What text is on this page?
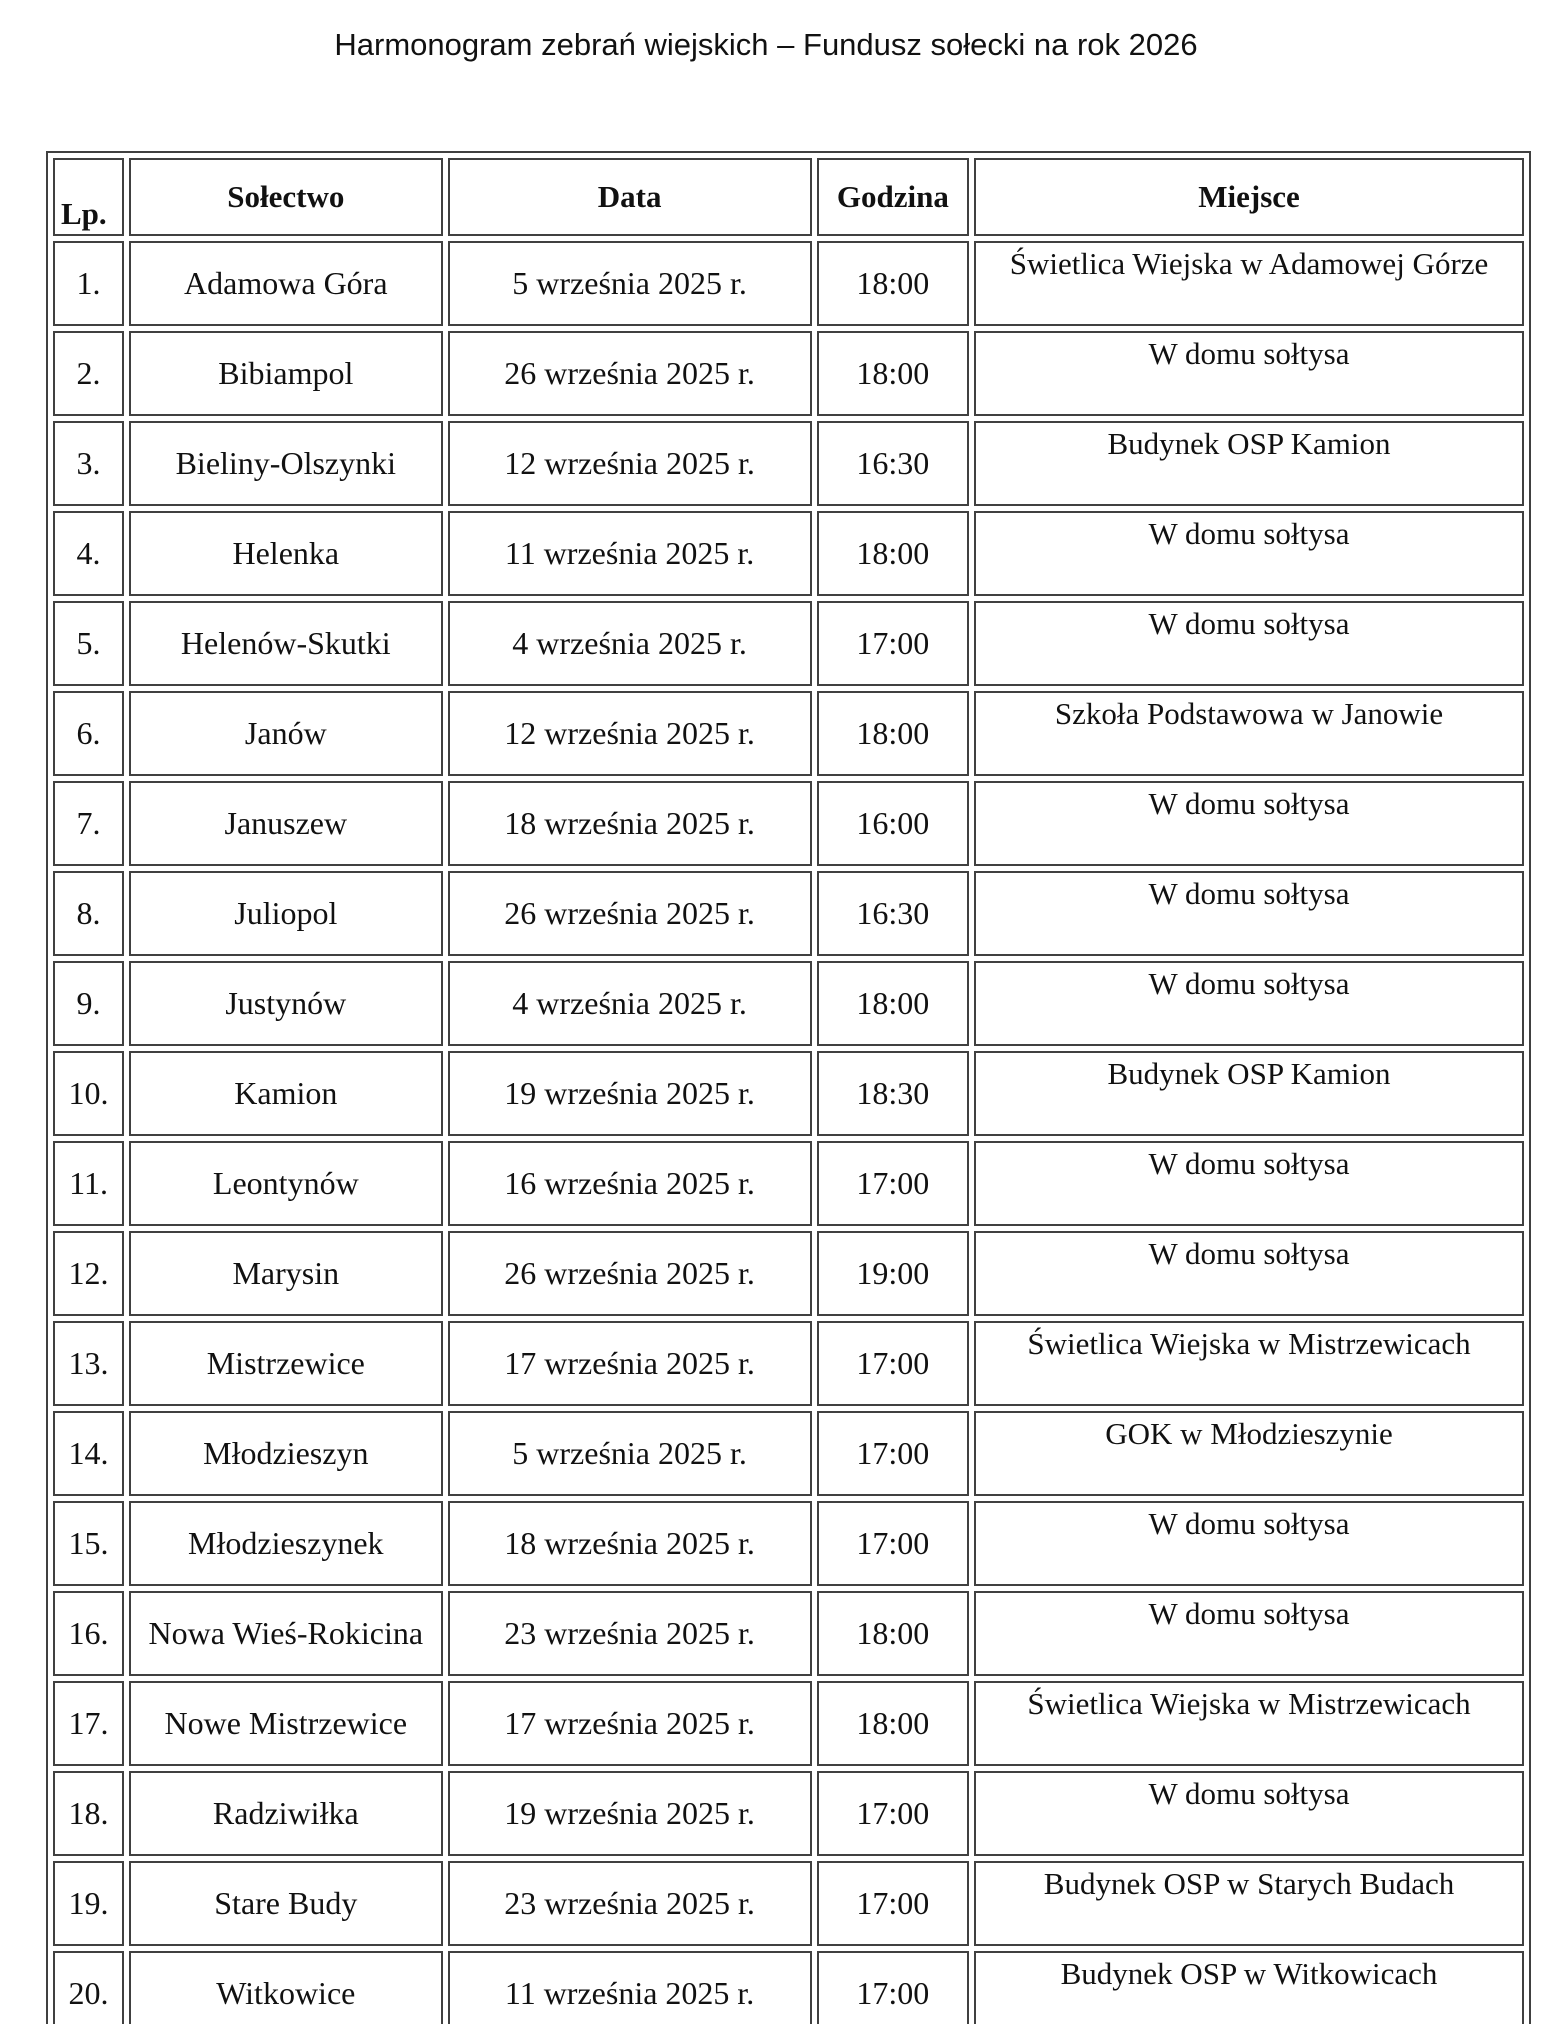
Harmonogram zebrań wiejskich – Fundusz sołecki na rok 2026
Lp.	Sołectwo	Data	Godzina	Miejsce
1.	Adamowa Góra	5 września 2025 r.	18:00	Świetlica Wiejska w Adamowej Górze
2.	Bibiampol	26 września 2025 r.	18:00	W domu sołtysa
3.	Bieliny-Olszynki	12 września 2025 r.	16:30	Budynek OSP Kamion
4.	Helenka	11 września 2025 r.	18:00	W domu sołtysa
5.	Helenów-Skutki	4 września 2025 r.	17:00	W domu sołtysa
6.	Janów	12 września 2025 r.	18:00	Szkoła Podstawowa w Janowie
7.	Januszew	18 września 2025 r.	16:00	W domu sołtysa
8.	Juliopol	26 września 2025 r.	16:30	W domu sołtysa
9.	Justynów	4 września 2025 r.	18:00	W domu sołtysa
10.	Kamion	19 września 2025 r.	18:30	Budynek OSP Kamion
11.	Leontynów	16 września 2025 r.	17:00	W domu sołtysa
12.	Marysin	26 września 2025 r.	19:00	W domu sołtysa
13.	Mistrzewice	17 września 2025 r.	17:00	Świetlica Wiejska w Mistrzewicach
14.	Młodzieszyn	5 września 2025 r.	17:00	GOK w Młodzieszynie
15.	Młodzieszynek	18 września 2025 r.	17:00	W domu sołtysa
16.	Nowa Wieś-Rokicina	23 września 2025 r.	18:00	W domu sołtysa
17.	Nowe Mistrzewice	17 września 2025 r.	18:00	Świetlica Wiejska w Mistrzewicach
18.	Radziwiłka	19 września 2025 r.	17:00	W domu sołtysa
19.	Stare Budy	23 września 2025 r.	17:00	Budynek OSP w Starych Budach
20.	Witkowice	11 września 2025 r.	17:00	Budynek OSP w Witkowicach
